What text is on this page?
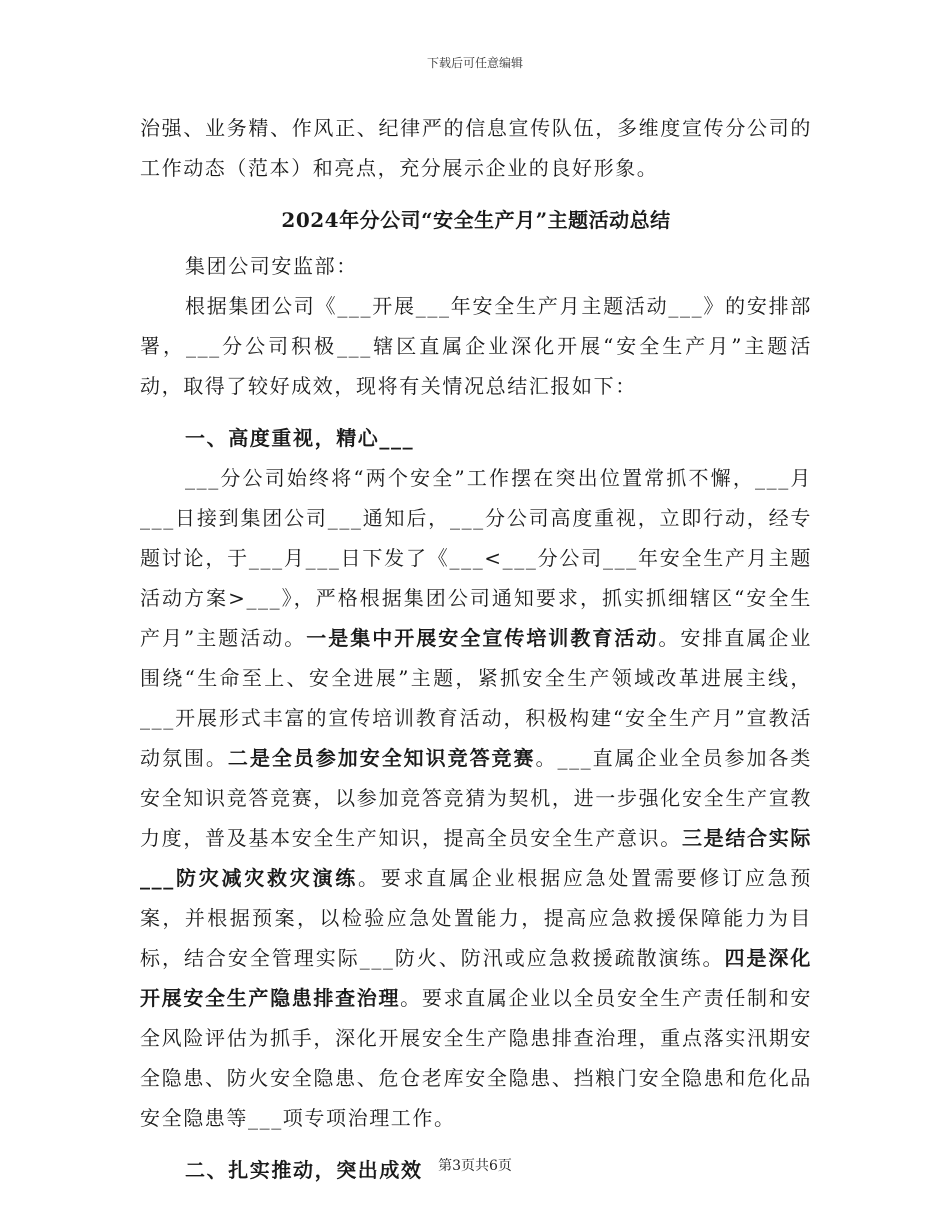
下载后可任意编辑

治强、业务精、作风正、纪律严的信息宣传队伍，多维度宣传分公司的工作动态（范本）和亮点，充分展示企业的良好形象。

2024年分公司“安全生产月”主题活动总结

集团公司安监部：

根据集团公司《___开展___年安全生产月主题活动___》的安排部署，___分公司积极___辖区直属企业深化开展“安全生产月”主题活动，取得了较好成效，现将有关情况总结汇报如下：

一、高度重视，精心___

___分公司始终将“两个安全”工作摆在突出位置常抓不懈，___月___日接到集团公司___通知后，___分公司高度重视，立即行动，经专题讨论，于___月___日下发了《___<___分公司___年安全生产月主题活动方案>___》，严格根据集团公司通知要求，抓实抓细辖区“安全生产月”主题活动。一是集中开展安全宣传培训教育活动。安排直属企业围绕“生命至上、安全进展”主题，紧抓安全生产领域改革进展主线，___开展形式丰富的宣传培训教育活动，积极构建“安全生产月”宣教活动氛围。二是全员参加安全知识竞答竞赛。___直属企业全员参加各类安全知识竞答竞赛，以参加竞答竞猜为契机，进一步强化安全生产宣教力度，普及基本安全生产知识，提高全员安全生产意识。三是结合实际___防灾减灾救灾演练。要求直属企业根据应急处置需要修订应急预案，并根据预案，以检验应急处置能力，提高应急救援保障能力为目标，结合安全管理实际___防火、防汛或应急救援疏散演练。四是深化开展安全生产隐患排查治理。要求直属企业以全员安全生产责任制和安全风险评估为抓手，深化开展安全生产隐患排查治理，重点落实汛期安全隐患、防火安全隐患、危仓老库安全隐患、挡粮门安全隐患和危化品安全隐患等___项专项治理工作。

二、扎实推动，突出成效	第3页共6页
